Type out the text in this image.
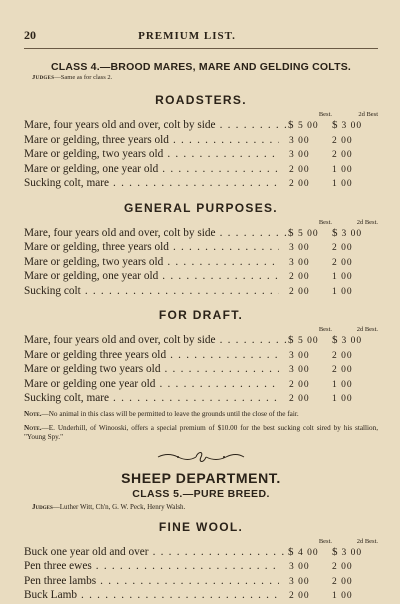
20	PREMIUM LIST.
CLASS 4.—BROOD MARES, MARE AND GELDING COLTS.
Judges—Same as for class 2.
ROADSTERS.
Best.	2d Best
Mare, four years old and over, colt by side . . .	$ 5 00	$ 3 00
Mare or gelding, three years old . . .	3 00	2 00
Mare or gelding, two years old . . .	3 00	2 00
Mare or gelding, one year old . . .	2 00	1 00
Sucking colt, mare . . .	2 00	1 00
GENERAL PURPOSES.
Best.	2d Best.
Mare, four years old and over, colt by side . . .	$ 5 00	$ 3 00
Mare or gelding, three years old . . .	3 00	2 00
Mare or gelding, two years old . . .	3 00	2 00
Mare or gelding, one year old . . .	2 00	1 00
Sucking colt . . .	2 00	1 00
FOR DRAFT.
Best.	2d Best.
Mare, four years old and over, colt by side . . .	$ 5 00	$ 3 00
Mare or gelding three years old . . .	3 00	2 00
Mare or gelding two years old . . .	3 00	2 00
Mare or gelding one year old . . .	2 00	1 00
Sucking colt, mare . . .	2 00	1 00
Note.—No animal in this class will be permitted to leave the grounds until the close of the fair.
Note.—E. Underhill, of Winooski, offers a special premium of $10.00 for the best sucking colt sired by his stallion, "Young Spy."
SHEEP DEPARTMENT.
CLASS 5.—PURE BREED.
Judges—Luther Witt, Ch'n, G. W. Peck, Henry Walsh.
FINE WOOL.
Best.	2d Best.
Buck one year old and over . . .	$ 4 00	$ 3 00
Pen three ewes . . .	3 00	2 00
Pen three lambs . . .	3 00	2 00
Buck Lamb . . .	2 00	1 00
